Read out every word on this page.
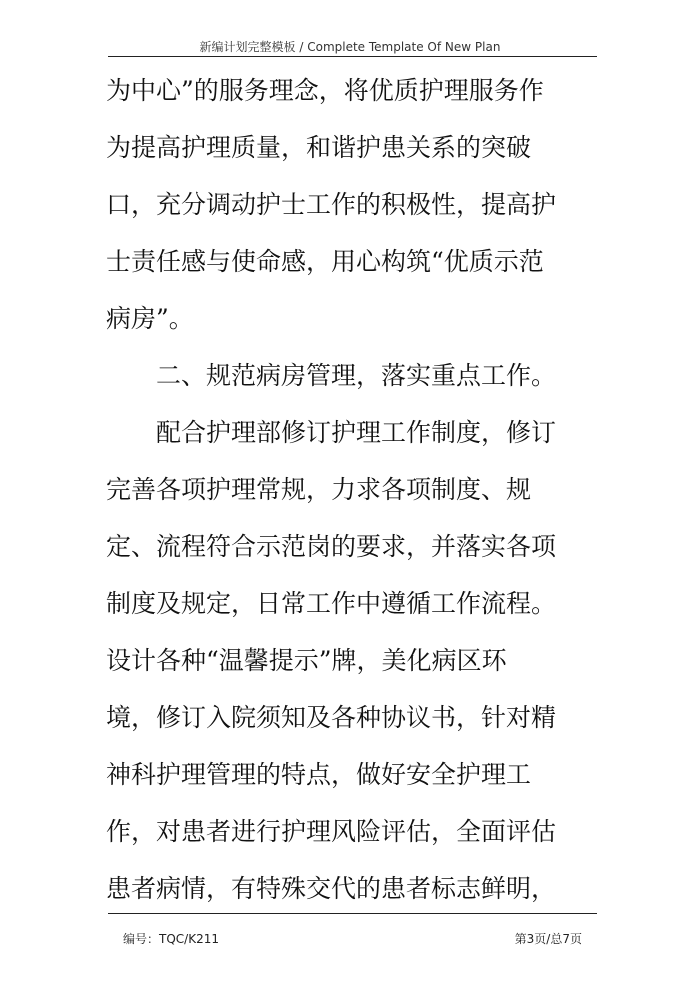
新编计划完整模板 / Complete Template Of New Plan
为中心”的服务理念，将优质护理服务作
为提高护理质量，和谐护患关系的突破
口，充分调动护士工作的积极性，提高护
士责任感与使命感，用心构筑“优质示范
病房”。
　　二、规范病房管理，落实重点工作。
　　配合护理部修订护理工作制度，修订
完善各项护理常规，力求各项制度、规
定、流程符合示范岗的要求，并落实各项
制度及规定，日常工作中遵循工作流程。
设计各种“温馨提示”牌，美化病区环
境，修订入院须知及各种协议书，针对精
神科护理管理的特点，做好安全护理工
作，对患者进行护理风险评估，全面评估
患者病情，有特殊交代的患者标志鲜明，
编号：TQC/K211	第3页/总7页
